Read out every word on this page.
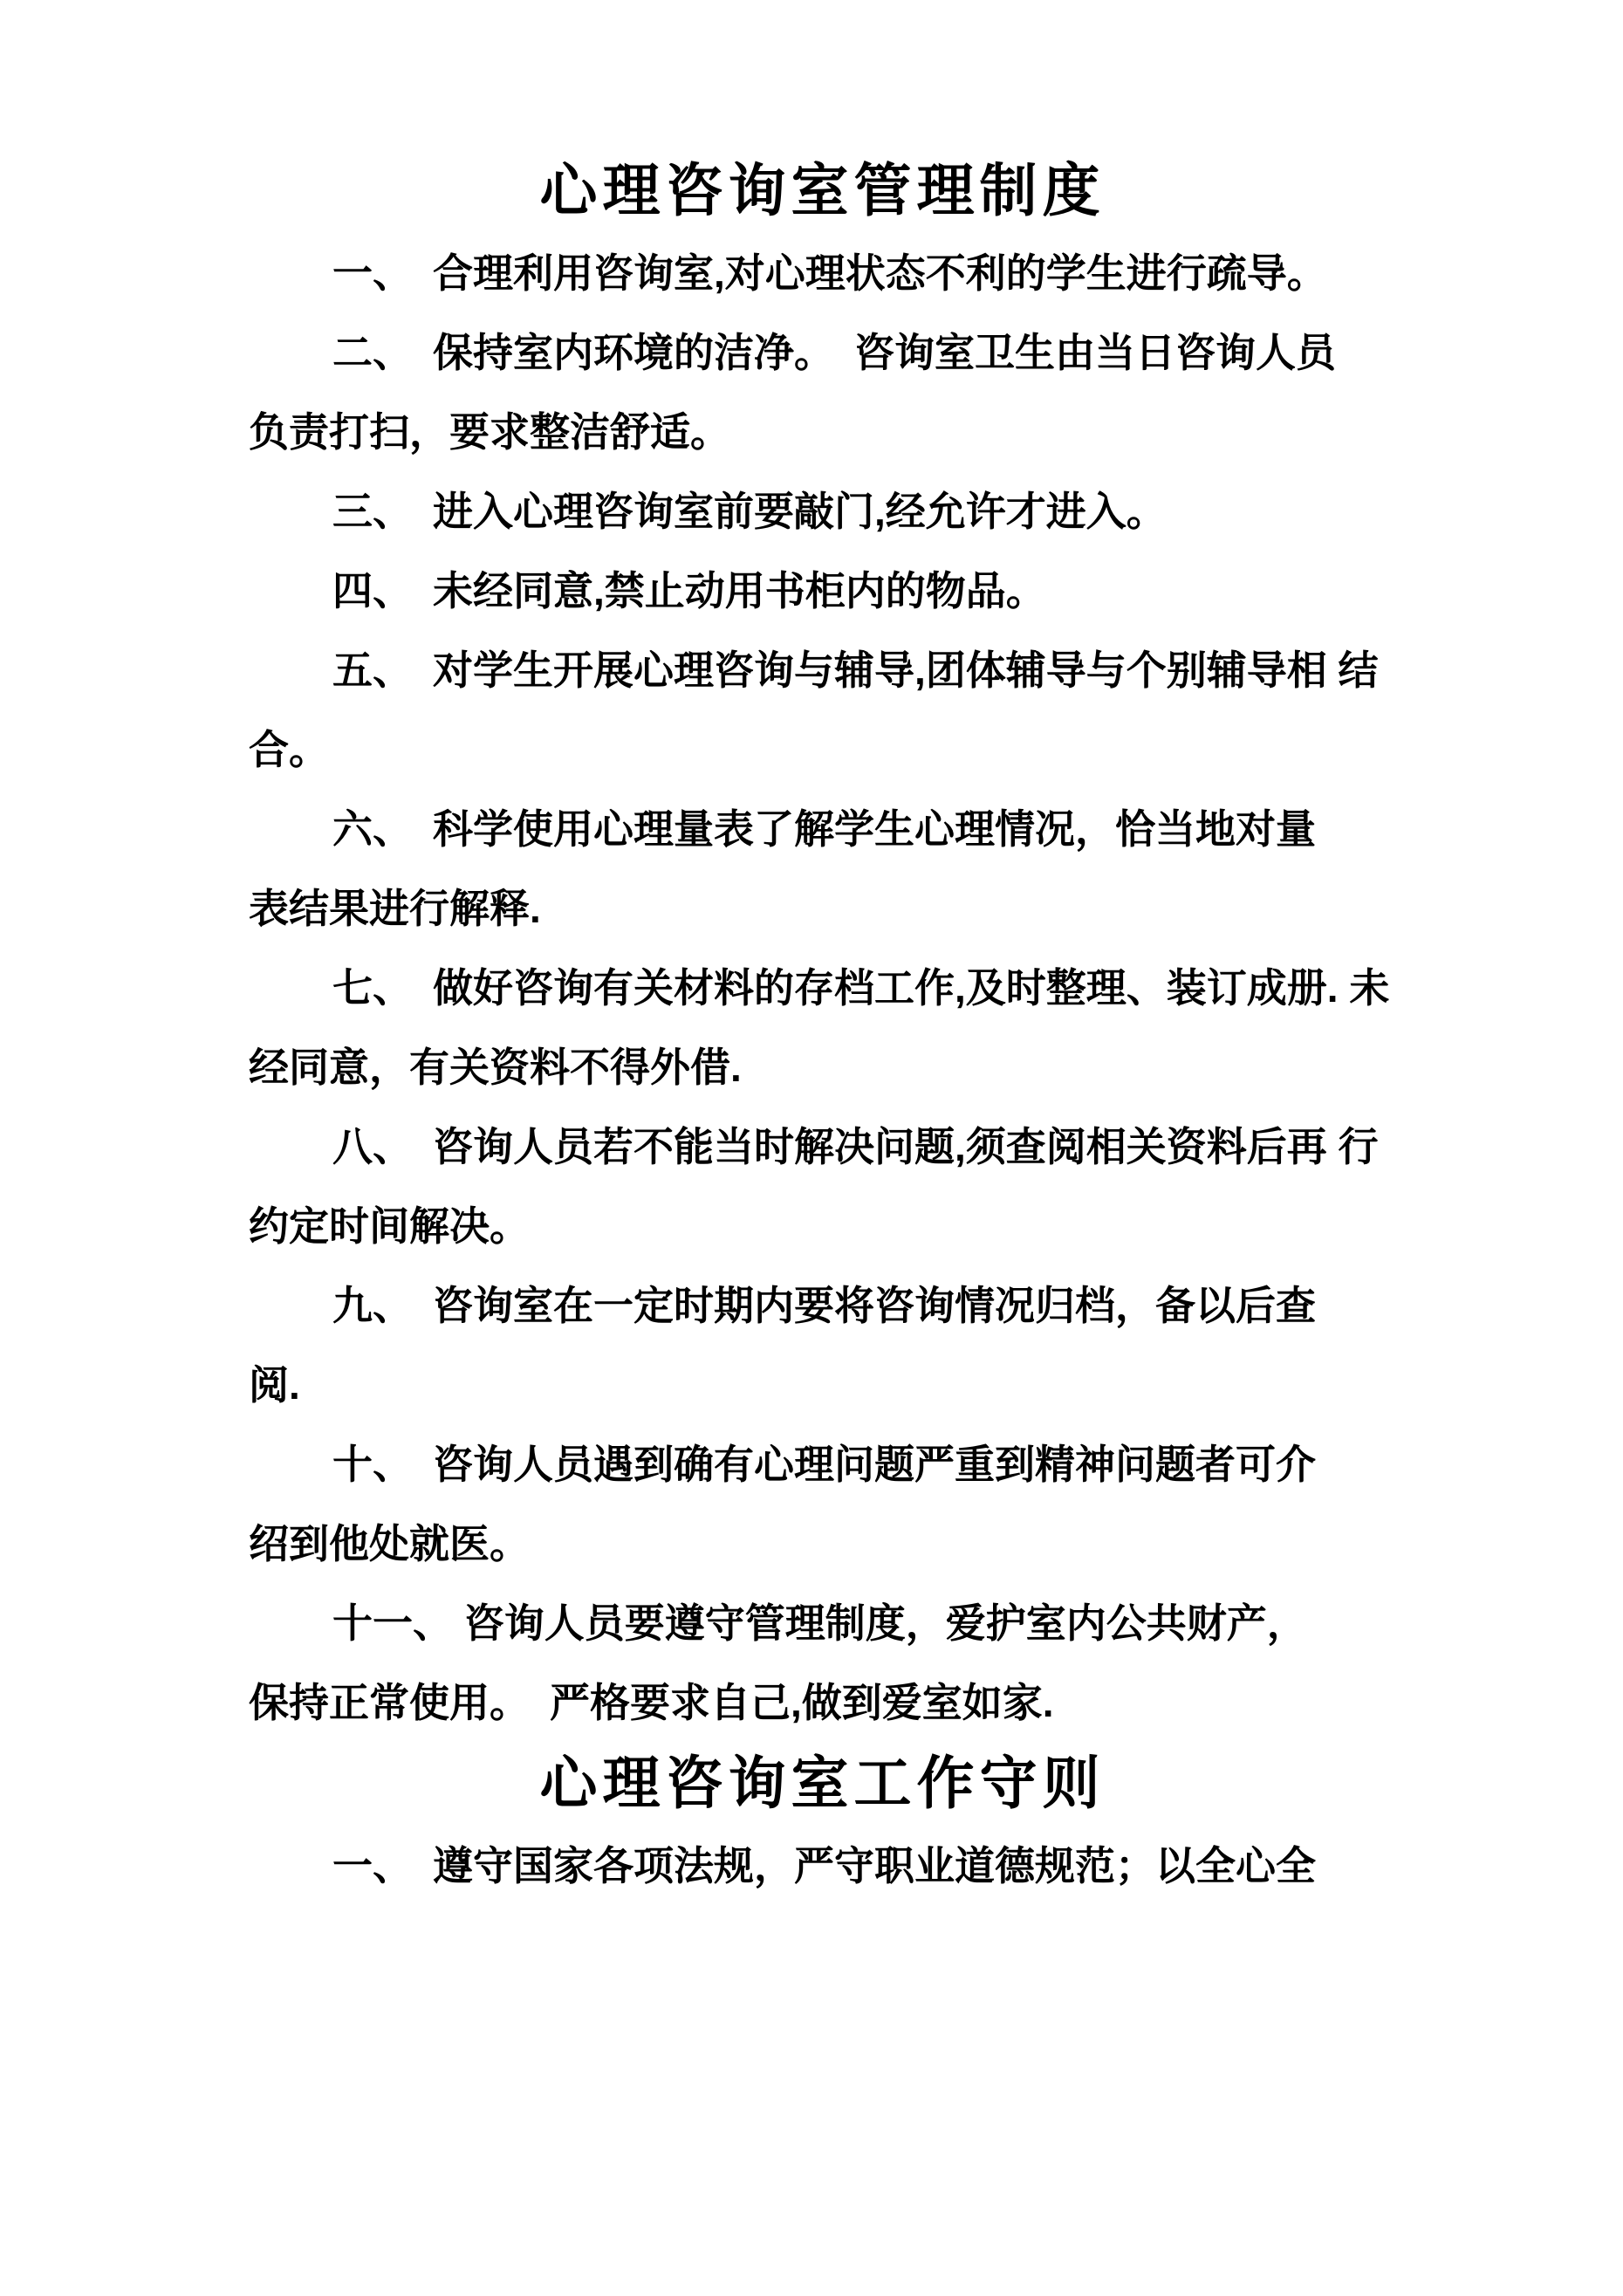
心理咨询室管理制度

一、　合理利用咨询室,对心理状态不利的学生进行疏导。

二、　保持室内环境的洁净。　咨询室卫生由当日咨询人员

负责打扫，要求整洁舒适。

三、　进入心理咨询室前要敲门,经允许才进入。

四、　未经同意,禁止动用书柜内的物品。

五、　对学生开展心理咨询与辅导,团体辅导与个别辅导相 结

合。

六、　科学使用心理量表了解学生心理情况，恰当地对量

表结果进行解释.

七、　做好咨询有关材料的存档工作,及时整理、装订成册. 未

经同意，有关资料不得外借.

八、　咨询人员若不能当时解决问题,须查阅相关资料后再 行

约定时间解决。

九、　咨询室在一定时期内要将咨询情况归档，备以后查

阅.

十、　咨询人员遇到确有心理问题严重到精神问题者可介

绍到他处就医。

十一、 咨询人员要遵守管理制度，爱护室内公共财产，

保持正常使用。　严格要求自己,做到爱室如家.

心理咨询室工作守则

一、　遵守国家各项法规，严守职业道德规范；以全心全
